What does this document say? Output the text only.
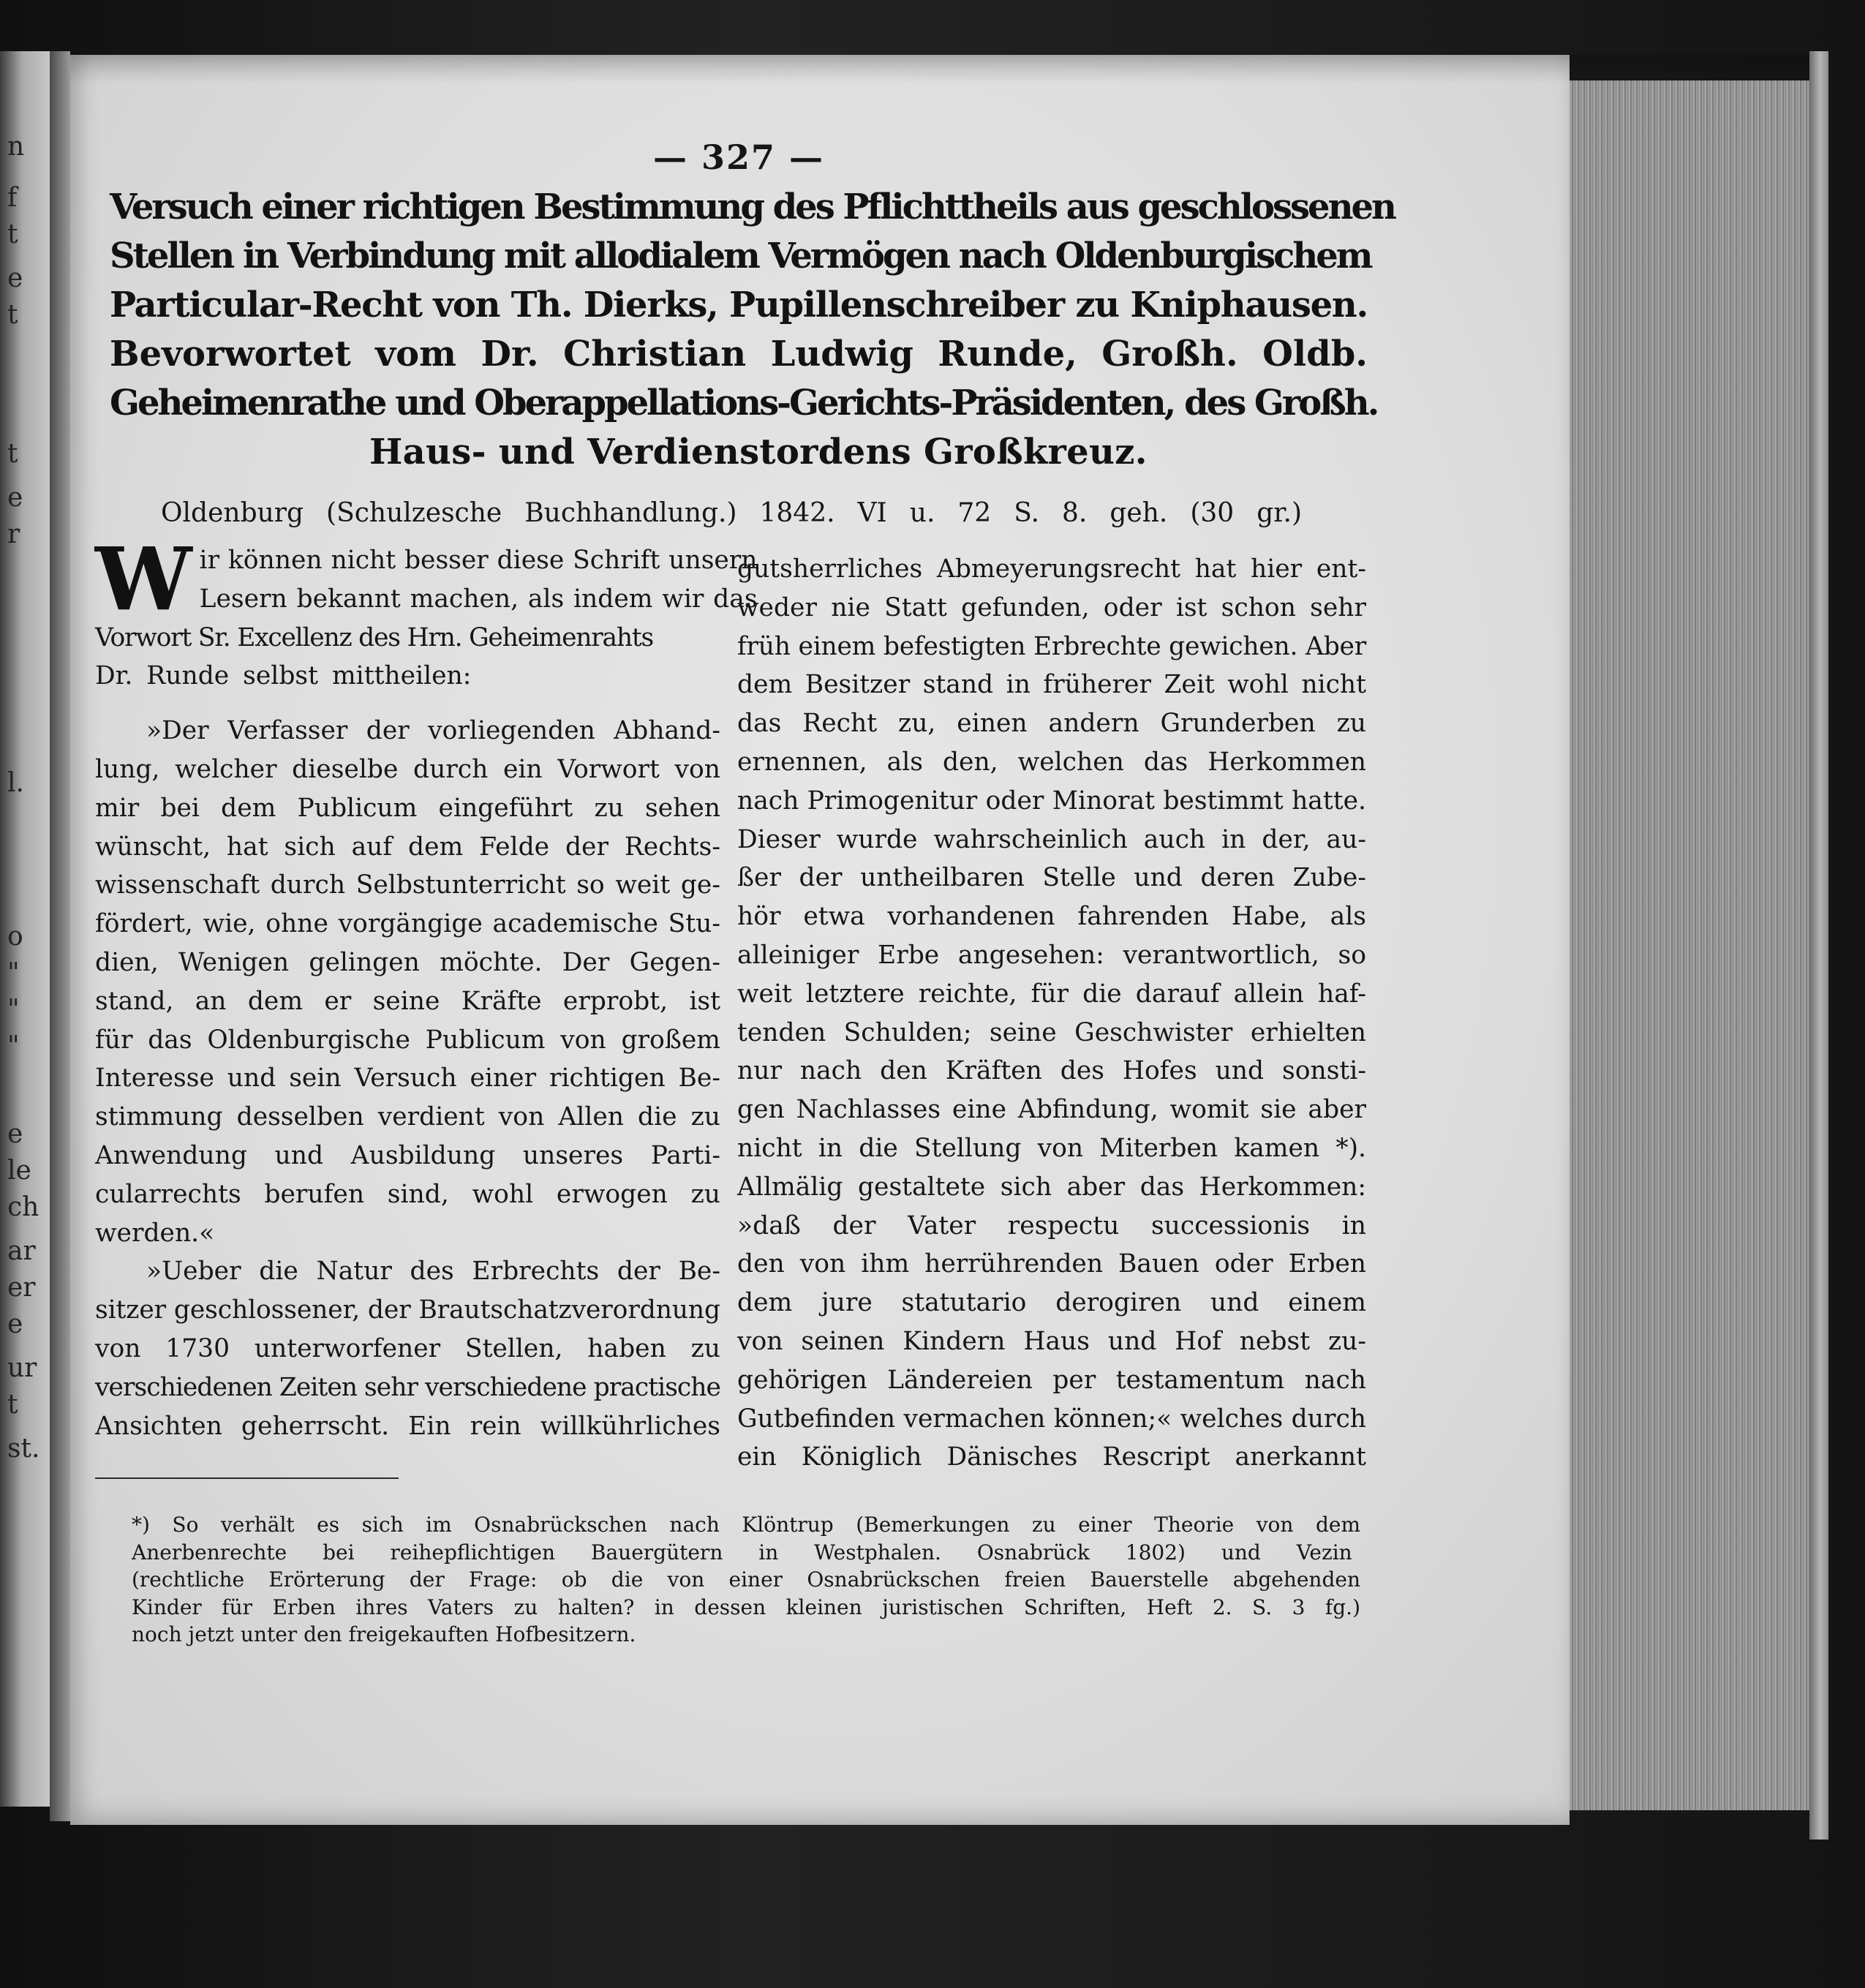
n
f
t
e
t
t
e
r
l.
o
"
"
"
e
le
ch
ar
er
e
ur
t
st.
— 327 —
Versuch einer richtigen Bestimmung des Pflichttheils aus geschlossenen
Stellen in Verbindung mit allodialem Vermögen nach Oldenburgischem
Particular-Recht von Th. Dierks, Pupillenschreiber zu Kniphausen.
Bevorwortet vom Dr. Christian Ludwig Runde, Großh. Oldb.
Geheimenrathe und Oberappellations-Gerichts-Präsidenten, des Großh.
Haus- und Verdienstordens Großkreuz.
Oldenburg (Schulzesche Buchhandlung.) 1842. VI u. 72 S. 8. geh. (30 gr.)
W ir können nicht besser diese Schrift unsern
Lesern bekannt machen, als indem wir das
Vorwort Sr. Excellenz des Hrn. Geheimenrahts
Dr. Runde selbst mittheilen:
»Der Verfasser der vorliegenden Abhand-
lung, welcher dieselbe durch ein Vorwort von
mir bei dem Publicum eingeführt zu sehen
wünscht, hat sich auf dem Felde der Rechts-
wissenschaft durch Selbstunterricht so weit ge-
fördert, wie, ohne vorgängige academische Stu-
dien, Wenigen gelingen möchte. Der Gegen-
stand, an dem er seine Kräfte erprobt, ist
für das Oldenburgische Publicum von großem
Interesse und sein Versuch einer richtigen Be-
stimmung desselben verdient von Allen die zu
Anwendung und Ausbildung unseres Parti-
cularrechts berufen sind, wohl erwogen zu
werden.«
»Ueber die Natur des Erbrechts der Be-
sitzer geschlossener, der Brautschatzverordnung
von 1730 unterworfener Stellen, haben zu
verschiedenen Zeiten sehr verschiedene practische
Ansichten geherrscht. Ein rein willkührliches
gutsherrliches Abmeyerungsrecht hat hier ent-
weder nie Statt gefunden, oder ist schon sehr
früh einem befestigten Erbrechte gewichen. Aber
dem Besitzer stand in früherer Zeit wohl nicht
das Recht zu, einen andern Grunderben zu
ernennen, als den, welchen das Herkommen
nach Primogenitur oder Minorat bestimmt hatte.
Dieser wurde wahrscheinlich auch in der, au-
ßer der untheilbaren Stelle und deren Zube-
hör etwa vorhandenen fahrenden Habe, als
alleiniger Erbe angesehen: verantwortlich, so
weit letztere reichte, für die darauf allein haf-
tenden Schulden; seine Geschwister erhielten
nur nach den Kräften des Hofes und sonsti-
gen Nachlasses eine Abfindung, womit sie aber
nicht in die Stellung von Miterben kamen *).
Allmälig gestaltete sich aber das Herkommen:
»daß der Vater respectu successionis in
den von ihm herrührenden Bauen oder Erben
dem jure statutario derogiren und einem
von seinen Kindern Haus und Hof nebst zu-
gehörigen Ländereien per testamentum nach
Gutbefinden vermachen können;« welches durch
ein Königlich Dänisches Rescript anerkannt
*) So verhält es sich im Osnabrückschen nach Klöntrup (Bemerkungen zu einer Theorie von dem
Anerbenrechte bei reihepflichtigen Bauergütern in Westphalen. Osnabrück 1802) und Vezin
(rechtliche Erörterung der Frage: ob die von einer Osnabrückschen freien Bauerstelle abgehenden
Kinder für Erben ihres Vaters zu halten? in dessen kleinen juristischen Schriften, Heft 2. S. 3 fg.)
noch jetzt unter den freigekauften Hofbesitzern.
